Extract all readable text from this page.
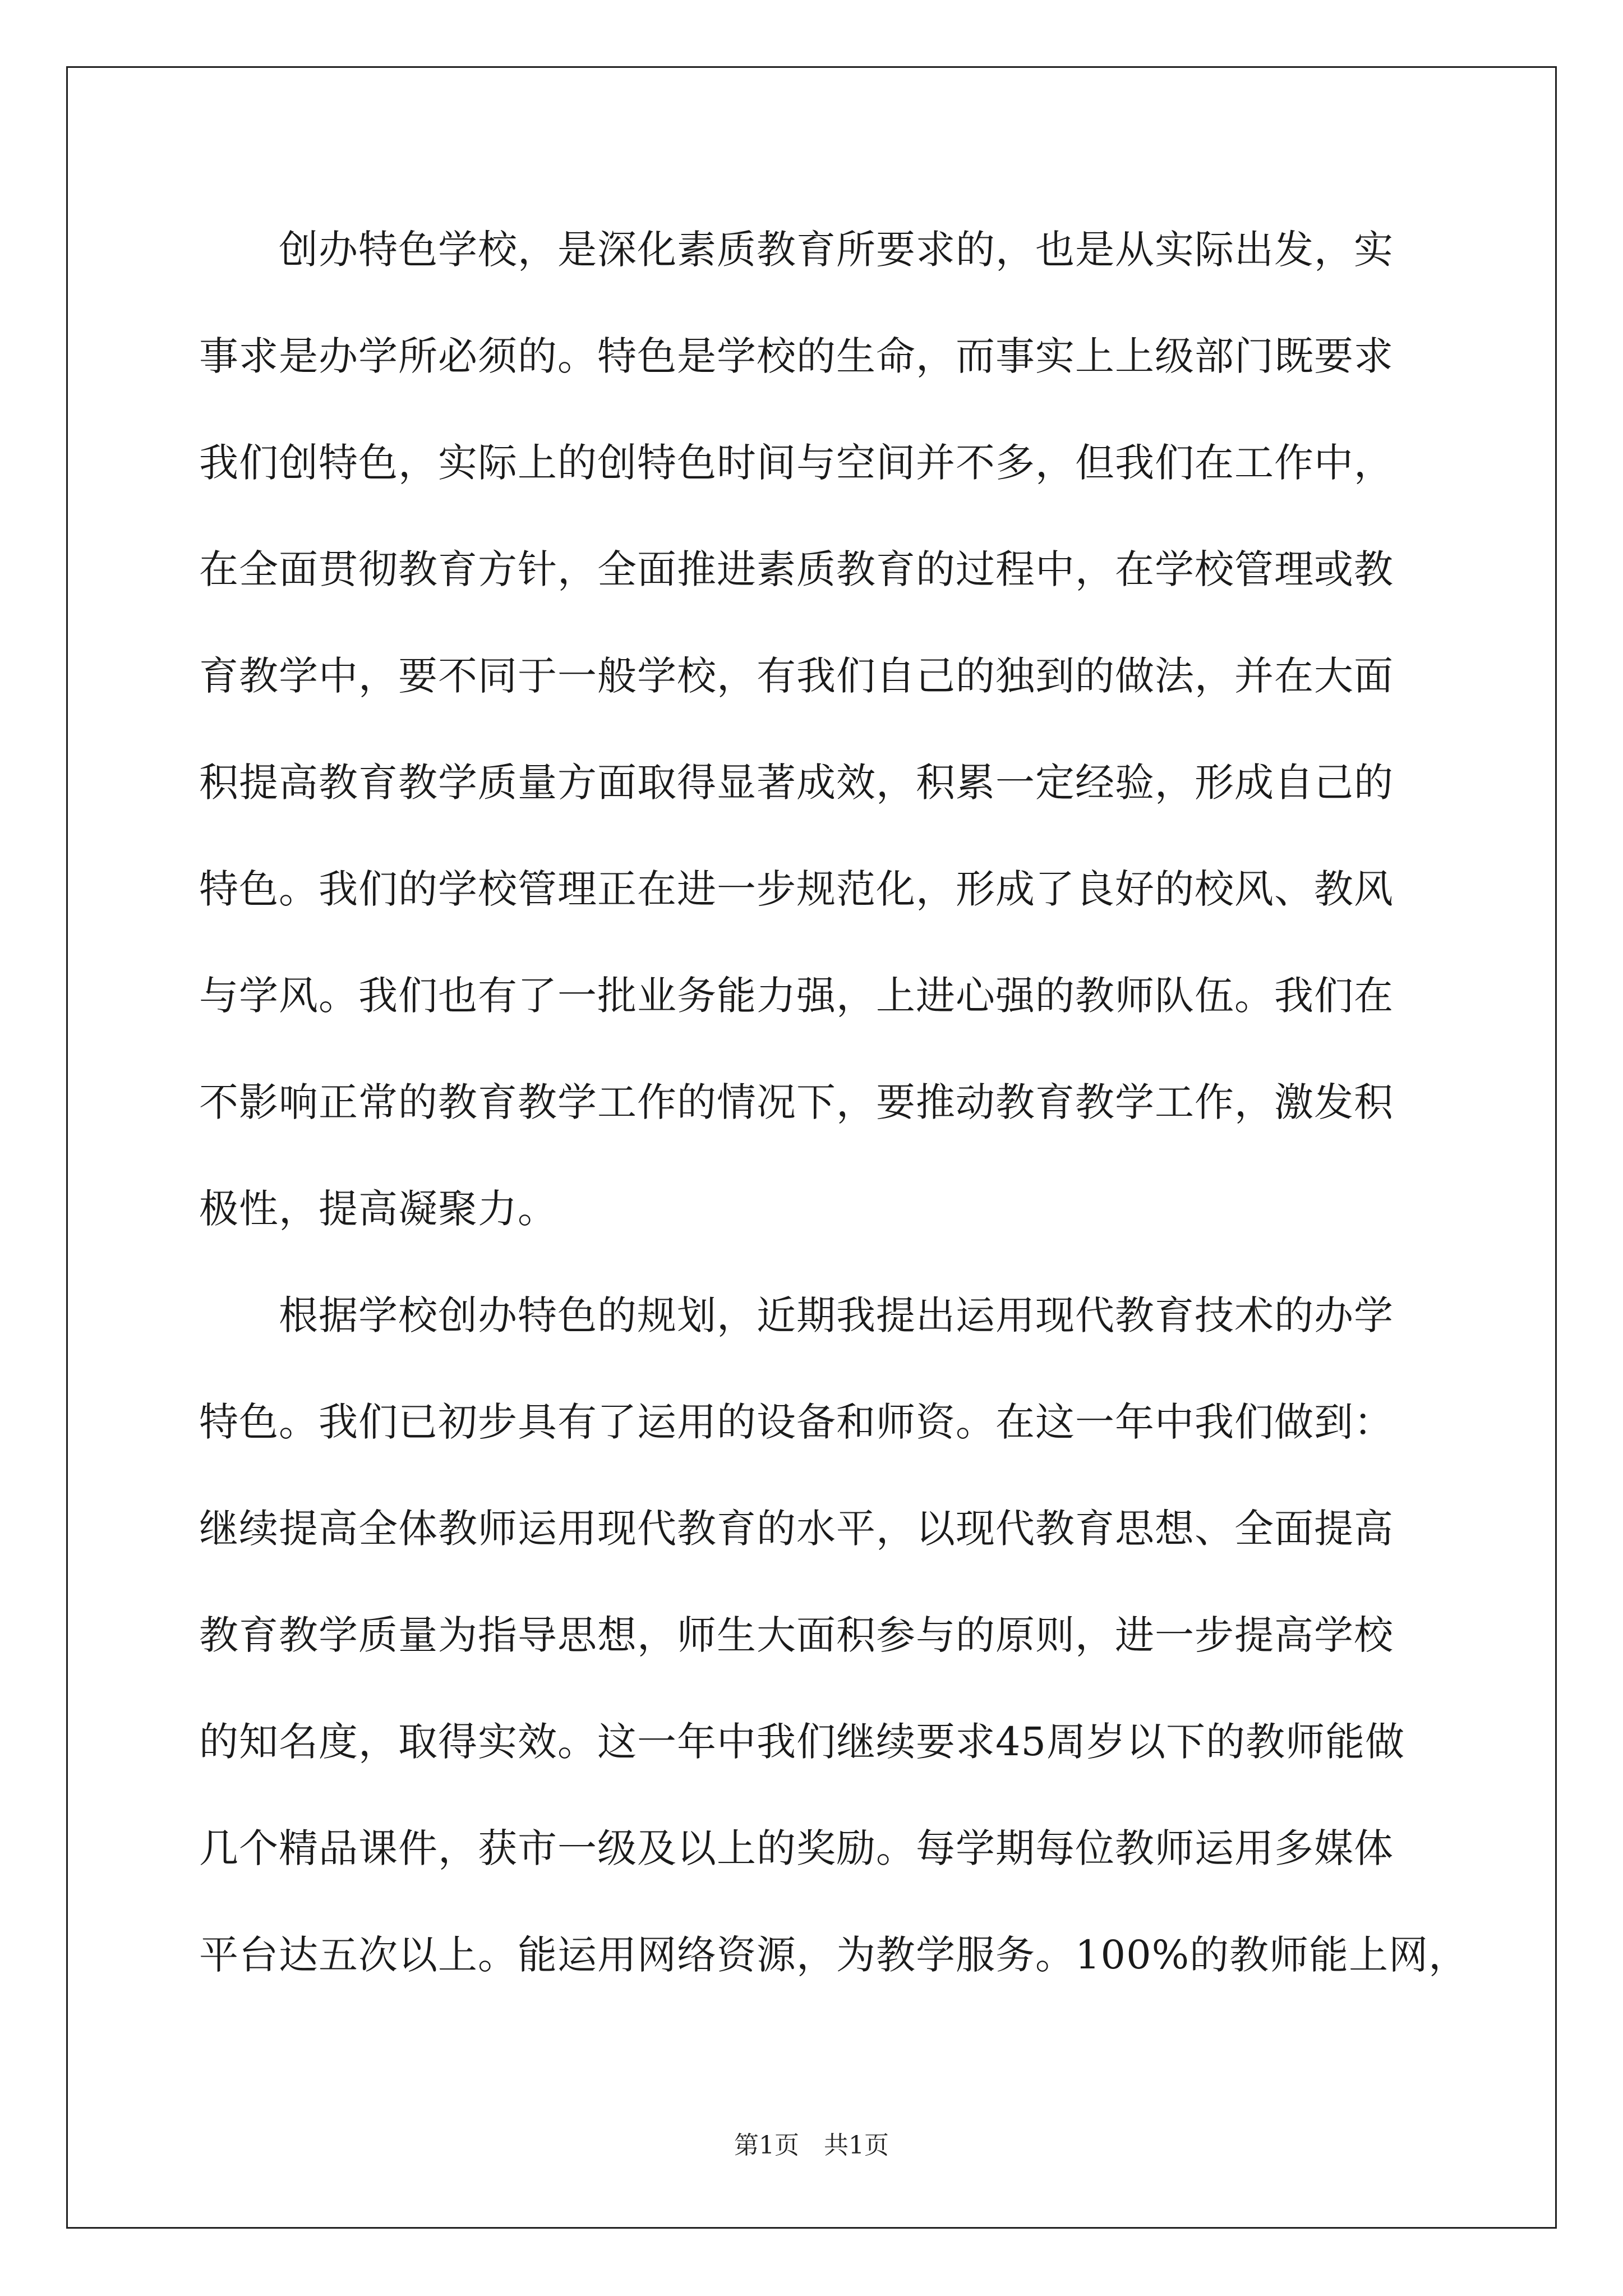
　　创办特色学校，是深化素质教育所要求的，也是从实际出发，实
事求是办学所必须的。特色是学校的生命，而事实上上级部门既要求
我们创特色，实际上的创特色时间与空间并不多，但我们在工作中，
在全面贯彻教育方针，全面推进素质教育的过程中，在学校管理或教
育教学中，要不同于一般学校，有我们自己的独到的做法，并在大面
积提高教育教学质量方面取得显著成效，积累一定经验，形成自己的
特色。我们的学校管理正在进一步规范化，形成了良好的校风、教风
与学风。我们也有了一批业务能力强，上进心强的教师队伍。我们在
不影响正常的教育教学工作的情况下，要推动教育教学工作，激发积
极性，提高凝聚力。
　　根据学校创办特色的规划，近期我提出运用现代教育技术的办学
特色。我们已初步具有了运用的设备和师资。在这一年中我们做到：
继续提高全体教师运用现代教育的水平，以现代教育思想、全面提高
教育教学质量为指导思想，师生大面积参与的原则，进一步提高学校
的知名度，取得实效。这一年中我们继续要求45周岁以下的教师能做
几个精品课件，获市一级及以上的奖励。每学期每位教师运用多媒体
平台达五次以上。能运用网络资源，为教学服务。100%的教师能上网，
第1页　共1页
